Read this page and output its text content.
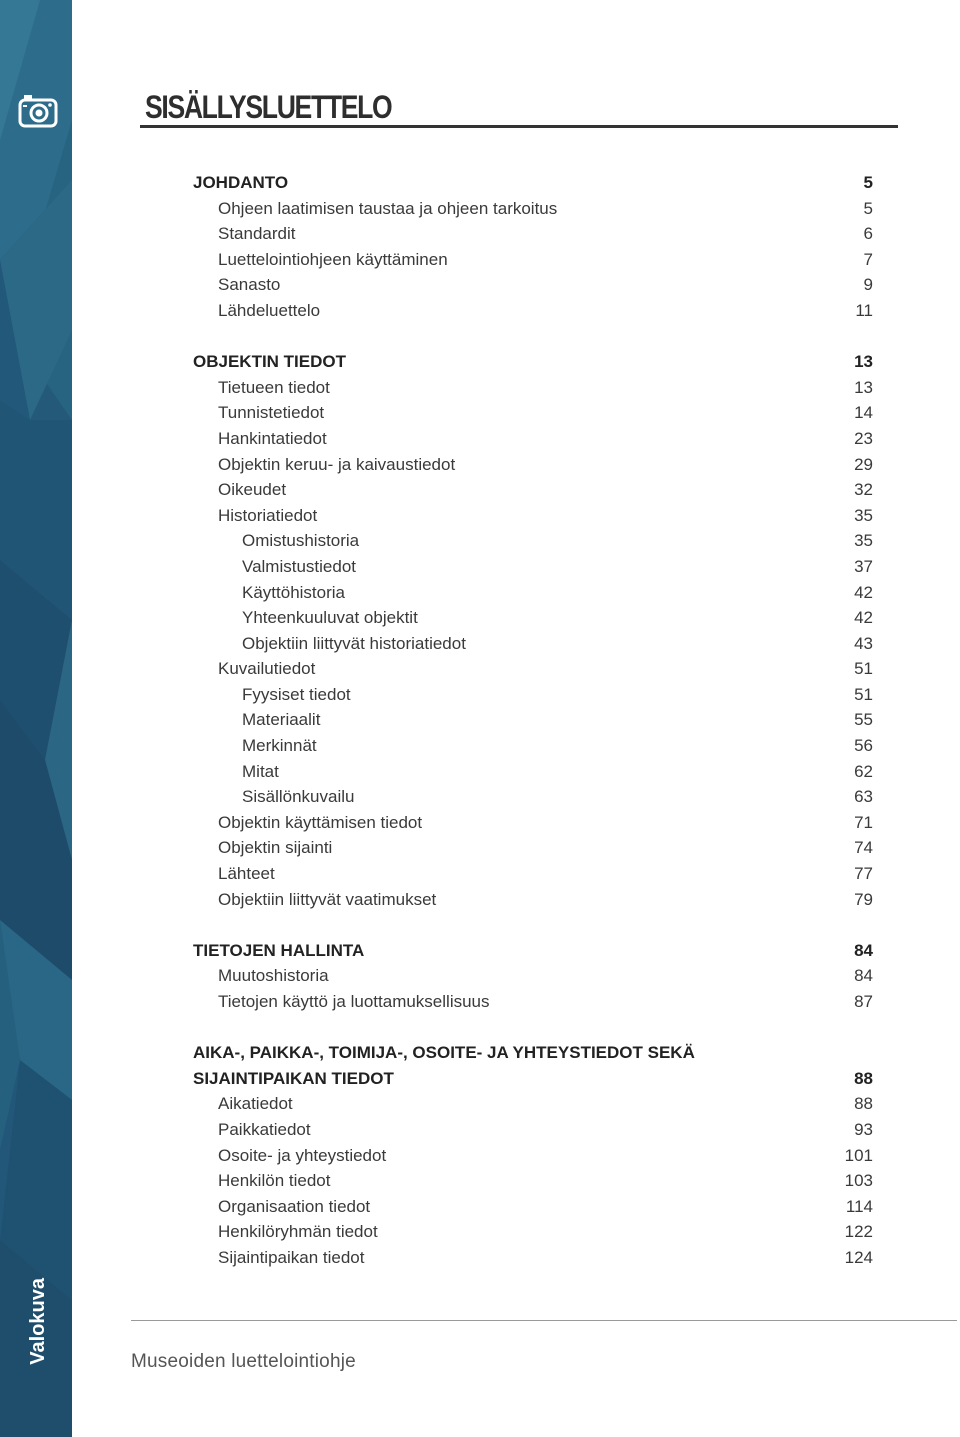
Valokuva
SISÄLLYSLUETTELO
JOHDANTO	5
Ohjeen laatimisen taustaa ja ohjeen tarkoitus	5
Standardit	6
Luettelointiohjeen käyttäminen	7
Sanasto	9
Lähdeluettelo	11
OBJEKTIN TIEDOT	13
Tietueen tiedot	13
Tunnistetiedot	14
Hankintatiedot	23
Objektin keruu- ja kaivaustiedot	29
Oikeudet	32
Historiatiedot	35
Omistushistoria	35
Valmistustiedot	37
Käyttöhistoria	42
Yhteenkuuluvat objektit	42
Objektiin liittyvät historiatiedot	43
Kuvailutiedot	51
Fyysiset tiedot	51
Materiaalit	55
Merkinnät	56
Mitat	62
Sisällönkuvailu	63
Objektin käyttämisen tiedot	71
Objektin sijainti	74
Lähteet	77
Objektiin liittyvät vaatimukset	79
TIETOJEN HALLINTA	84
Muutoshistoria	84
Tietojen käyttö ja luottamuksellisuus	87
AIKA-, PAIKKA-, TOIMIJA-, OSOITE- JA YHTEYSTIEDOT SEKÄ
SIJAINTIPAIKAN TIEDOT	88
Aikatiedot	88
Paikkatiedot	93
Osoite- ja yhteystiedot	101
Henkilön tiedot	103
Organisaation tiedot	114
Henkilöryhmän tiedot	122
Sijaintipaikan tiedot	124
Museoiden luettelointiohje
